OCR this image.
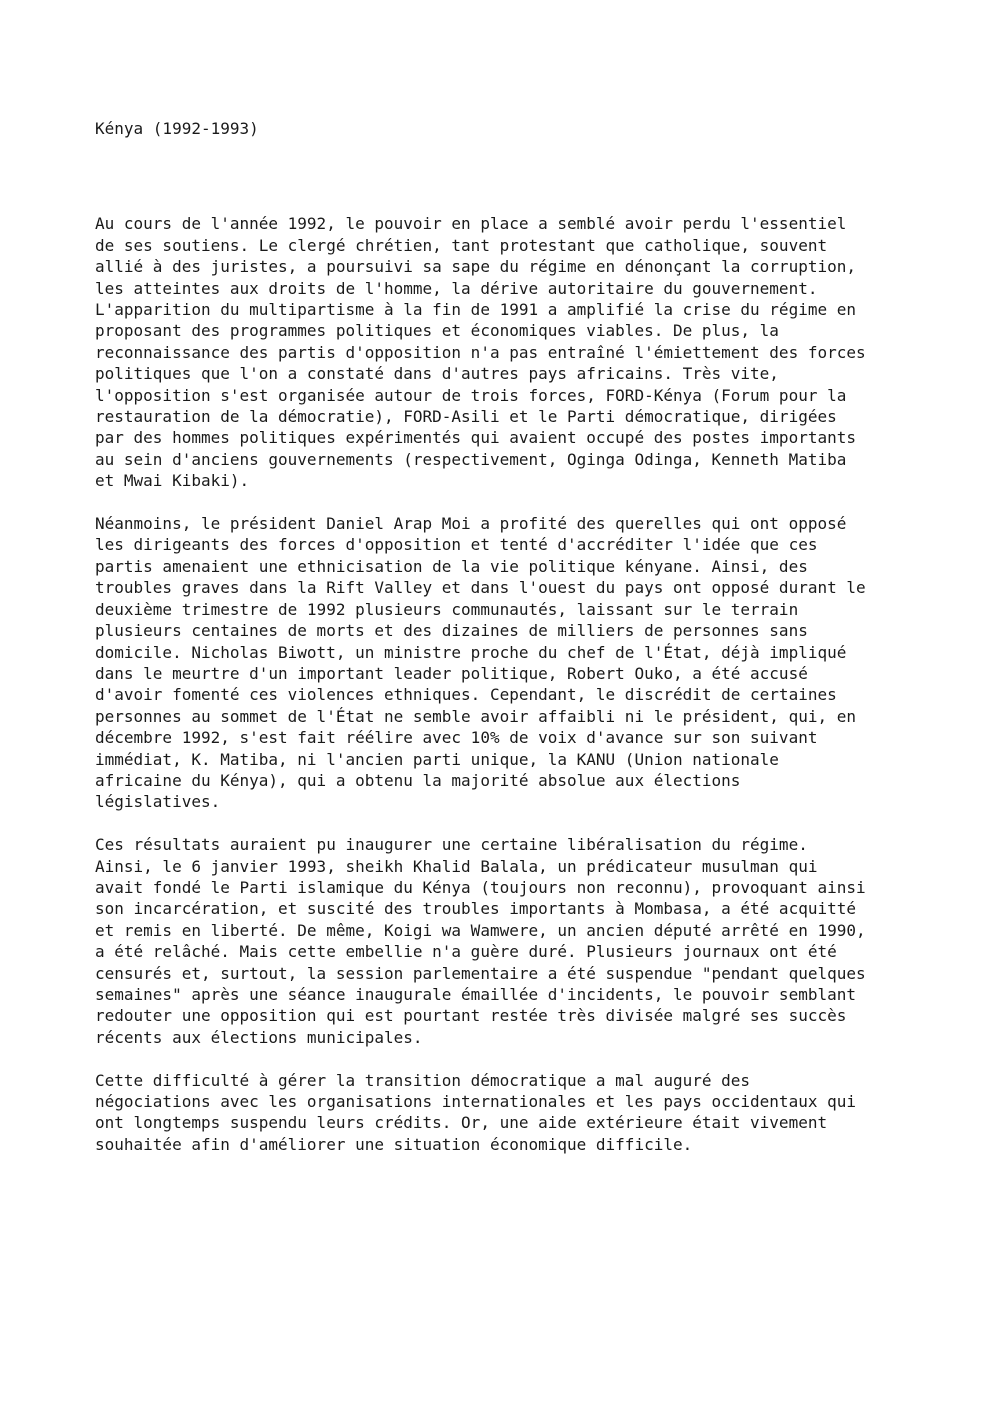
Kénya (1992-1993)
Au cours de l'année 1992, le pouvoir en place a semblé avoir perdu l'essentiel
de ses soutiens. Le clergé chrétien, tant protestant que catholique, souvent
allié à des juristes, a poursuivi sa sape du régime en dénonçant la corruption,
les atteintes aux droits de l'homme, la dérive autoritaire du gouvernement.
L'apparition du multipartisme à la fin de 1991 a amplifié la crise du régime en
proposant des programmes politiques et économiques viables. De plus, la
reconnaissance des partis d'opposition n'a pas entraîné l'émiettement des forces
politiques que l'on a constaté dans d'autres pays africains. Très vite,
l'opposition s'est organisée autour de trois forces, FORD-Kénya (Forum pour la
restauration de la démocratie), FORD-Asili et le Parti démocratique, dirigées
par des hommes politiques expérimentés qui avaient occupé des postes importants
au sein d'anciens gouvernements (respectivement, Oginga Odinga, Kenneth Matiba
et Mwai Kibaki).
Néanmoins, le président Daniel Arap Moi a profité des querelles qui ont opposé
les dirigeants des forces d'opposition et tenté d'accréditer l'idée que ces
partis amenaient une ethnicisation de la vie politique kényane. Ainsi, des
troubles graves dans la Rift Valley et dans l'ouest du pays ont opposé durant le
deuxième trimestre de 1992 plusieurs communautés, laissant sur le terrain
plusieurs centaines de morts et des dizaines de milliers de personnes sans
domicile. Nicholas Biwott, un ministre proche du chef de l'État, déjà impliqué
dans le meurtre d'un important leader politique, Robert Ouko, a été accusé
d'avoir fomenté ces violences ethniques. Cependant, le discrédit de certaines
personnes au sommet de l'État ne semble avoir affaibli ni le président, qui, en
décembre 1992, s'est fait réélire avec 10% de voix d'avance sur son suivant
immédiat, K. Matiba, ni l'ancien parti unique, la KANU (Union nationale
africaine du Kénya), qui a obtenu la majorité absolue aux élections
législatives.
Ces résultats auraient pu inaugurer une certaine libéralisation du régime.
Ainsi, le 6 janvier 1993, sheikh Khalid Balala, un prédicateur musulman qui
avait fondé le Parti islamique du Kénya (toujours non reconnu), provoquant ainsi
son incarcération, et suscité des troubles importants à Mombasa, a été acquitté
et remis en liberté. De même, Koigi wa Wamwere, un ancien député arrêté en 1990,
a été relâché. Mais cette embellie n'a guère duré. Plusieurs journaux ont été
censurés et, surtout, la session parlementaire a été suspendue "pendant quelques
semaines" après une séance inaugurale émaillée d'incidents, le pouvoir semblant
redouter une opposition qui est pourtant restée très divisée malgré ses succès
récents aux élections municipales.
Cette difficulté à gérer la transition démocratique a mal auguré des
négociations avec les organisations internationales et les pays occidentaux qui
ont longtemps suspendu leurs crédits. Or, une aide extérieure était vivement
souhaitée afin d'améliorer une situation économique difficile.
